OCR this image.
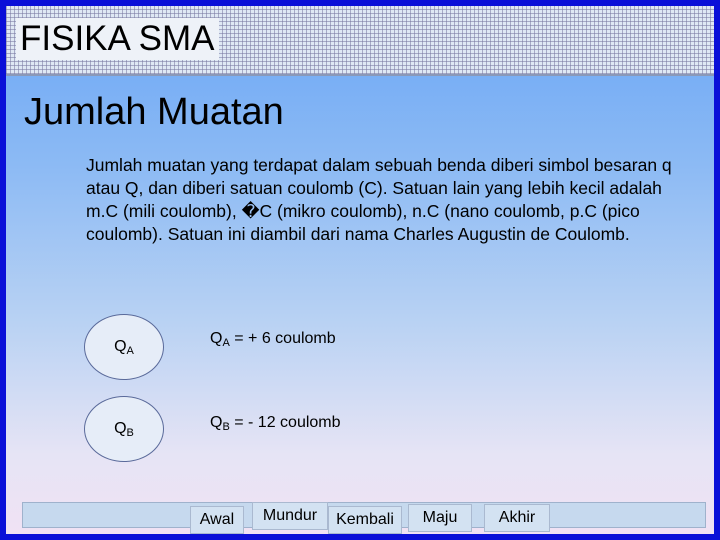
FISIKA SMA
Jumlah Muatan

Jumlah muatan yang terdapat dalam sebuah benda diberi simbol besaran q atau Q, dan diberi satuan coulomb (C). Satuan lain yang lebih kecil adalah m.C (mili coulomb), �C (mikro coulomb), n.C (nano coulomb, p.C (pico coulomb). Satuan ini diambil dari nama Charles Augustin de Coulomb.

$Q_A$
$Q_A$ = + 6 coulomb
$Q_B$
$Q_B$ = - 12 coulomb
Awal	Mundur	Kembali	Maju	Akhir
